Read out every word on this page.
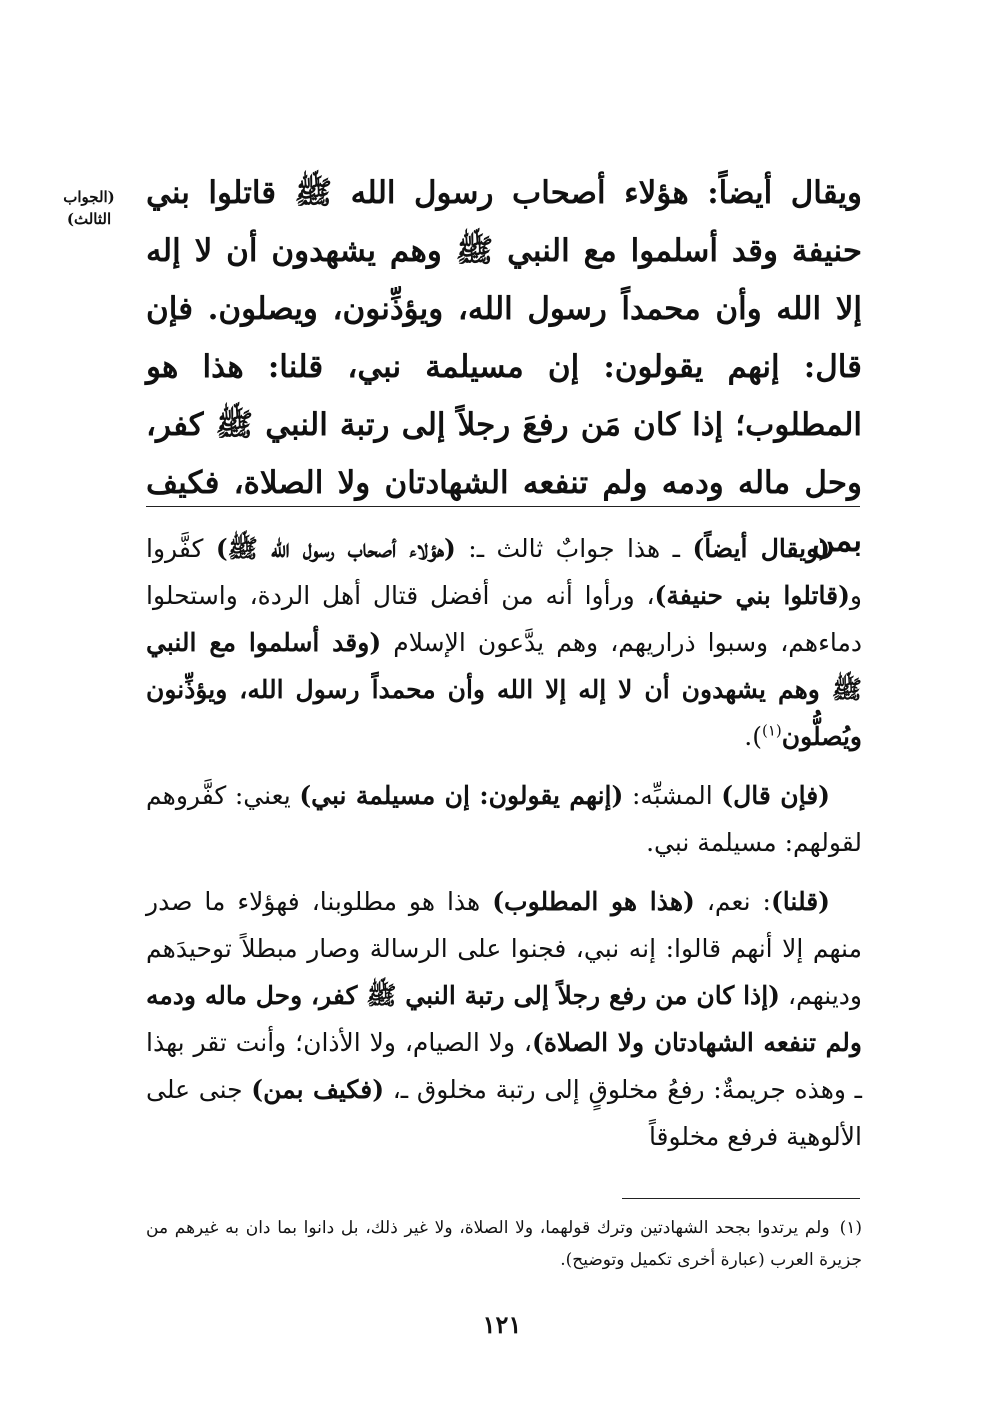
(الجواب الثالث)
ويقال أيضاً: هؤلاء أصحاب رسول الله ﷺ قاتلوا بني حنيفة وقد أسلموا مع النبي ﷺ وهم يشهدون أن لا إله إلا الله وأن محمداً رسول الله، ويؤذِّنون، ويصلون. فإن قال: إنهم يقولون: إن مسيلمة نبي، قلنا: هذا هو المطلوب؛ إذا كان مَن رفعَ رجلاً إلى رتبة النبي ﷺ كفر، وحل ماله ودمه ولم تنفعه الشهادتان ولا الصلاة، فكيف بمن

(ويقال أيضاً) ـ هذا جوابٌ ثالث ـ: (هؤلاء أصحاب رسول الله ﷺ) كفَّروا و(قاتلوا بني حنيفة)، ورأوا أنه من أفضل قتال أهل الردة، واستحلوا دماءهم، وسبوا ذراريهم، وهم يدَّعون الإسلام (وقد أسلموا مع النبي ﷺ وهم يشهدون أن لا إله إلا الله وأن محمداً رسول الله، ويؤذِّنون ويُصلُّون$^{(١)}$).

(فإن قال) المشبِّه: (إنهم يقولون: إن مسيلمة نبي) يعني: كفَّروهم لقولهم: مسيلمة نبي.

(قلنا): نعم، (هذا هو المطلوب) هذا هو مطلوبنا، فهؤلاء ما صدر منهم إلا أنهم قالوا: إنه نبي، فجنوا على الرسالة وصار مبطلاً توحيدَهم ودينهم، (إذا كان من رفع رجلاً إلى رتبة النبي ﷺ كفر، وحل ماله ودمه ولم تنفعه الشهادتان ولا الصلاة)، ولا الصيام، ولا الأذان؛ وأنت تقر بهذا ـ وهذه جريمةٌ: رفعُ مخلوقٍ إلى رتبة مخلوق ـ، (فكيف بمن) جنى على الألوهية فرفع مخلوقاً

(١)ولم يرتدوا بجحد الشهادتين وترك قولهما، ولا الصلاة، ولا غير ذلك، بل دانوا بما دان به غيرهم من جزيرة العرب (عبارة أخرى تكميل وتوضيح).
١٢١
